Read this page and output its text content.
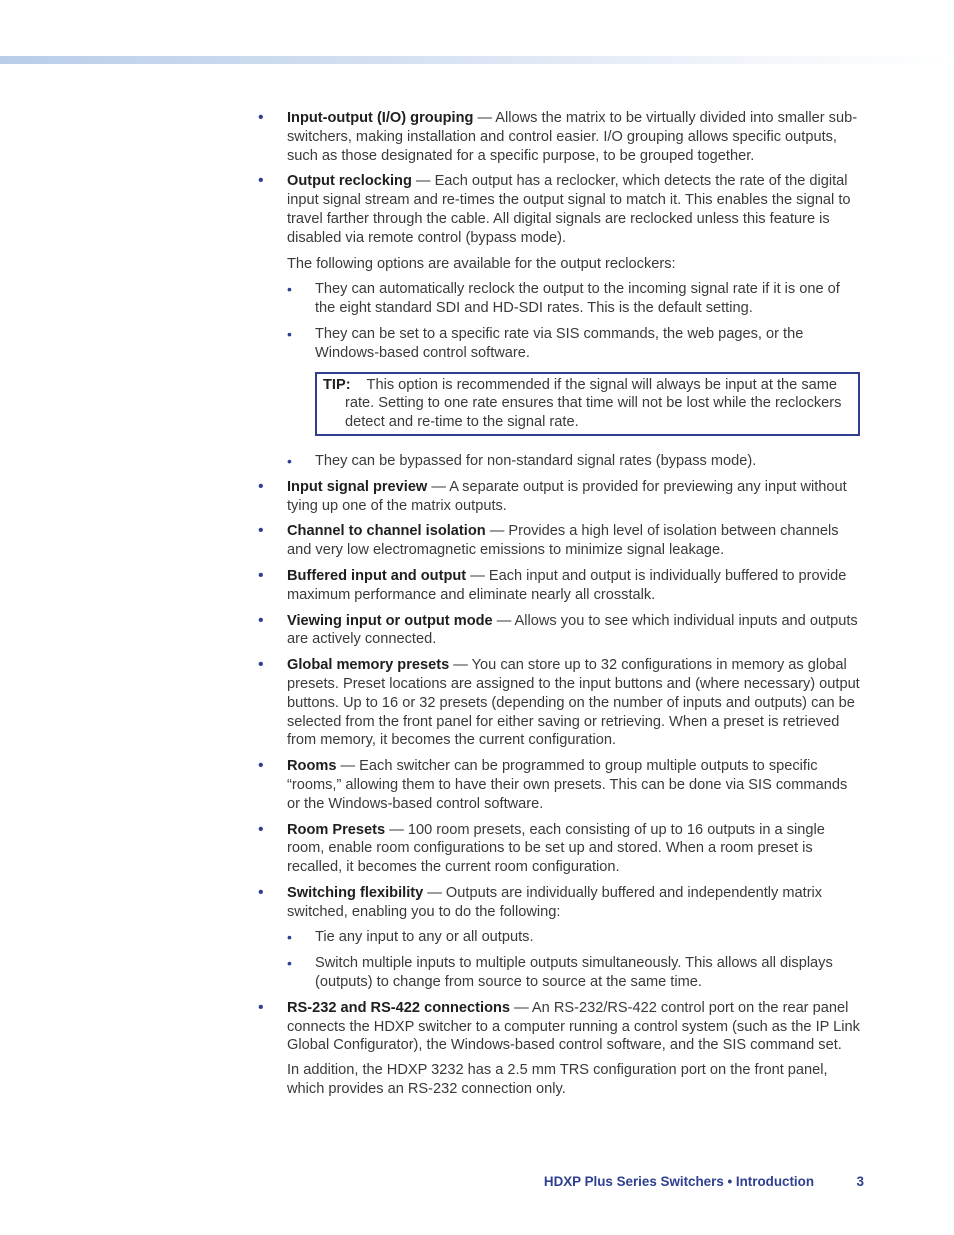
• Input-output (I/O) grouping — Allows the matrix to be virtually divided into smaller sub-switchers, making installation and control easier. I/O grouping allows specific outputs, such as those designated for a specific purpose, to be grouped together.
• Output reclocking — Each output has a reclocker, which detects the rate of the digital input signal stream and re-times the output signal to match it. This enables the signal to travel farther through the cable. All digital signals are reclocked unless this feature is disabled via remote control (bypass mode).
The following options are available for the output reclockers:
• They can automatically reclock the output to the incoming signal rate if it is one of the eight standard SDI and HD-SDI rates. This is the default setting.
• They can be set to a specific rate via SIS commands, the web pages, or the Windows-based control software.
TIP: This option is recommended if the signal will always be input at the same rate. Setting to one rate ensures that time will not be lost while the reclockers detect and re-time to the signal rate.
• They can be bypassed for non-standard signal rates (bypass mode).
• Input signal preview — A separate output is provided for previewing any input without tying up one of the matrix outputs.
• Channel to channel isolation — Provides a high level of isolation between channels and very low electromagnetic emissions to minimize signal leakage.
• Buffered input and output — Each input and output is individually buffered to provide maximum performance and eliminate nearly all crosstalk.
• Viewing input or output mode — Allows you to see which individual inputs and outputs are actively connected.
• Global memory presets — You can store up to 32 configurations in memory as global presets. Preset locations are assigned to the input buttons and (where necessary) output buttons. Up to 16 or 32 presets (depending on the number of inputs and outputs) can be selected from the front panel for either saving or retrieving. When a preset is retrieved from memory, it becomes the current configuration.
• Rooms — Each switcher can be programmed to group multiple outputs to specific “rooms,” allowing them to have their own presets. This can be done via SIS commands or the Windows-based control software.
• Room Presets — 100 room presets, each consisting of up to 16 outputs in a single room, enable room configurations to be set up and stored. When a room preset is recalled, it becomes the current room configuration.
• Switching flexibility — Outputs are individually buffered and independently matrix switched, enabling you to do the following:
• Tie any input to any or all outputs.
• Switch multiple inputs to multiple outputs simultaneously. This allows all displays (outputs) to change from source to source at the same time.
• RS-232 and RS-422 connections — An RS-232/RS-422 control port on the rear panel connects the HDXP switcher to a computer running a control system (such as the IP Link Global Configurator), the Windows-based control software, and the SIS command set.
In addition, the HDXP 3232 has a 2.5 mm TRS configuration port on the front panel, which provides an RS-232 connection only.
HDXP Plus Series Switchers • Introduction	3
